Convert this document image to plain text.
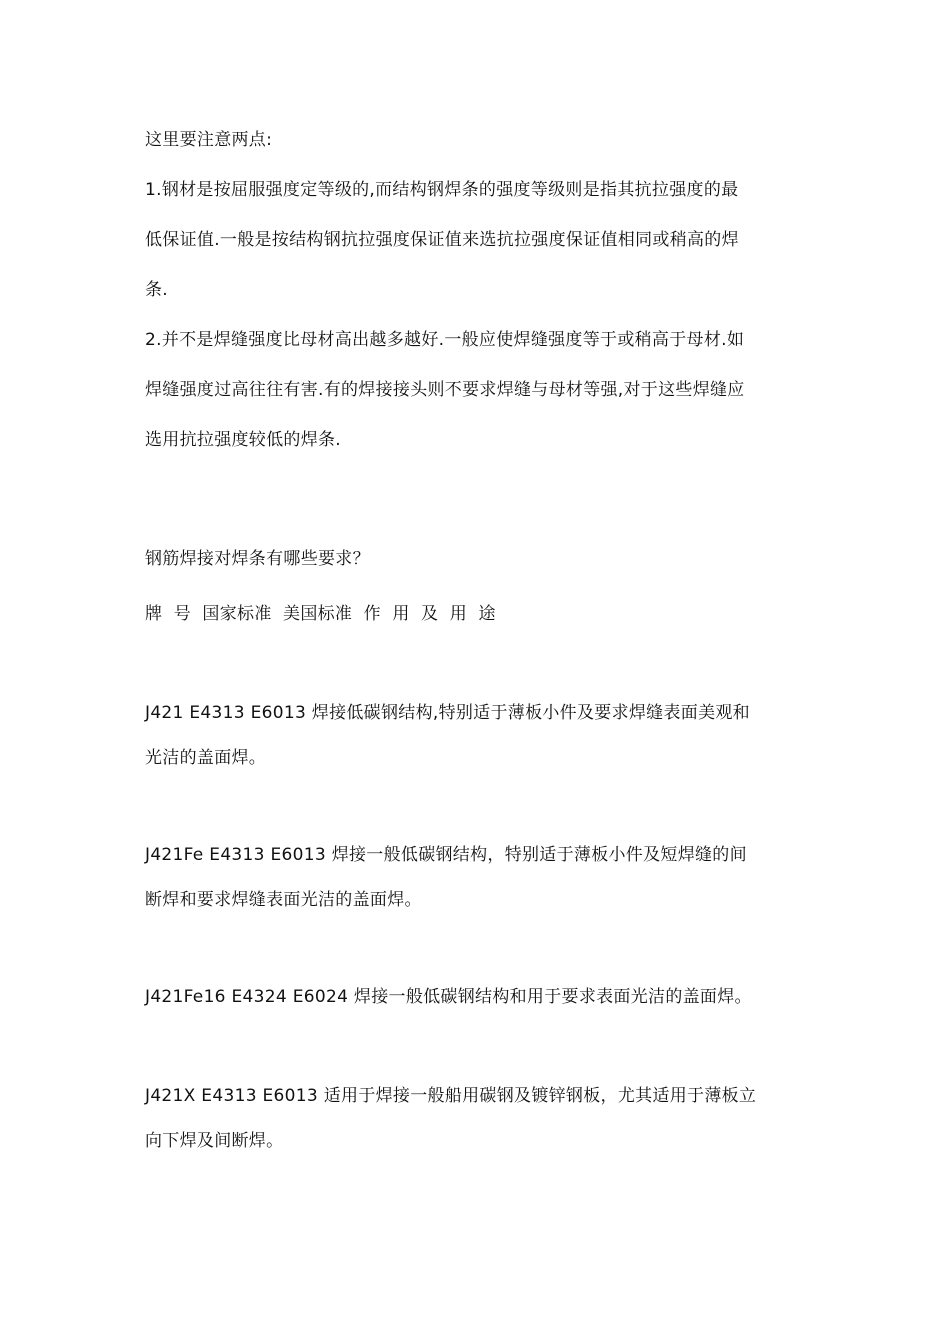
这里要注意两点:
1.钢材是按屈服强度定等级的,而结构钢焊条的强度等级则是指其抗拉强度的最
低保证值.一般是按结构钢抗拉强度保证值来选抗拉强度保证值相同或稍高的焊
条.
2.并不是焊缝强度比母材高出越多越好.一般应使焊缝强度等于或稍高于母材.如
焊缝强度过高往往有害.有的焊接接头则不要求焊缝与母材等强,对于这些焊缝应
选用抗拉强度较低的焊条.
钢筋焊接对焊条有哪些要求？
牌  号  国家标准  美国标准  作  用  及  用  途
J421 E4313 E6013 焊接低碳钢结构,特别适于薄板小件及要求焊缝表面美观和
光洁的盖面焊。
J421Fe E4313 E6013 焊接一般低碳钢结构，特别适于薄板小件及短焊缝的间
断焊和要求焊缝表面光洁的盖面焊。
J421Fe16 E4324 E6024 焊接一般低碳钢结构和用于要求表面光洁的盖面焊。
J421X E4313 E6013 适用于焊接一般船用碳钢及镀锌钢板，尤其适用于薄板立
向下焊及间断焊。
